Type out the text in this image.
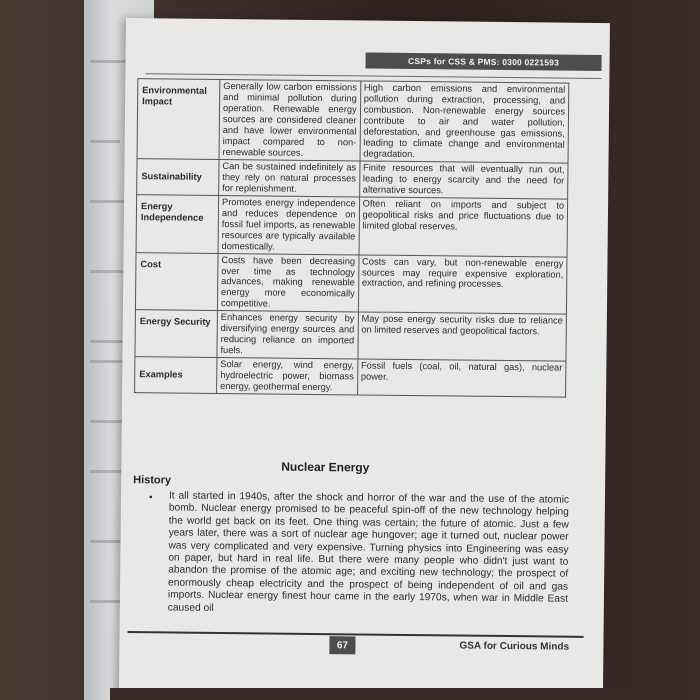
CSPs for CSS & PMS: 0300 0221593
Environmental Impact	Generally low carbon emissions and minimal pollution during operation. Renewable energy sources are considered cleaner and have lower environmental impact compared to non-renewable sources.	High carbon emissions and environmental pollution during extraction, processing, and combustion. Non-renewable energy sources contribute to air and water pollution, deforestation, and greenhouse gas emissions, leading to climate change and environmental degradation.
Sustainability	Can be sustained indefinitely as they rely on natural processes for replenishment.	Finite resources that will eventually run out, leading to energy scarcity and the need for alternative sources.
Energy Independence	Promotes energy independence and reduces dependence on fossil fuel imports, as renewable resources are typically available domestically.	Often reliant on imports and subject to geopolitical risks and price fluctuations due to limited global reserves.
Cost	Costs have been decreasing over time as technology advances, making renewable energy more economically competitive.	Costs can vary, but non-renewable energy sources may require expensive exploration, extraction, and refining processes.
Energy Security	Enhances energy security by diversifying energy sources and reducing reliance on imported fuels.	May pose energy security risks due to reliance on limited reserves and geopolitical factors.
Examples	Solar energy, wind energy, hydroelectric power, biomass energy, geothermal energy.	Fossil fuels (coal, oil, natural gas), nuclear power.
Nuclear Energy
History
• It all started in 1940s, after the shock and horror of the war and the use of the atomic bomb. Nuclear energy promised to be peaceful spin-off of the new technology helping the world get back on its feet. One thing was certain; the future of atomic. Just a few years later, there was a sort of nuclear age hungover; age it turned out, nuclear power was very complicated and very expensive. Turning physics into Engineering was easy on paper, but hard in real life. But there were many people who didn't just want to abandon the promise of the atomic age; and exciting new technology; the prospect of enormously cheap electricity and the prospect of being independent of oil and gas imports. Nuclear energy finest hour came in the early 1970s, when war in Middle East caused oil
67	GSA for Curious Minds
